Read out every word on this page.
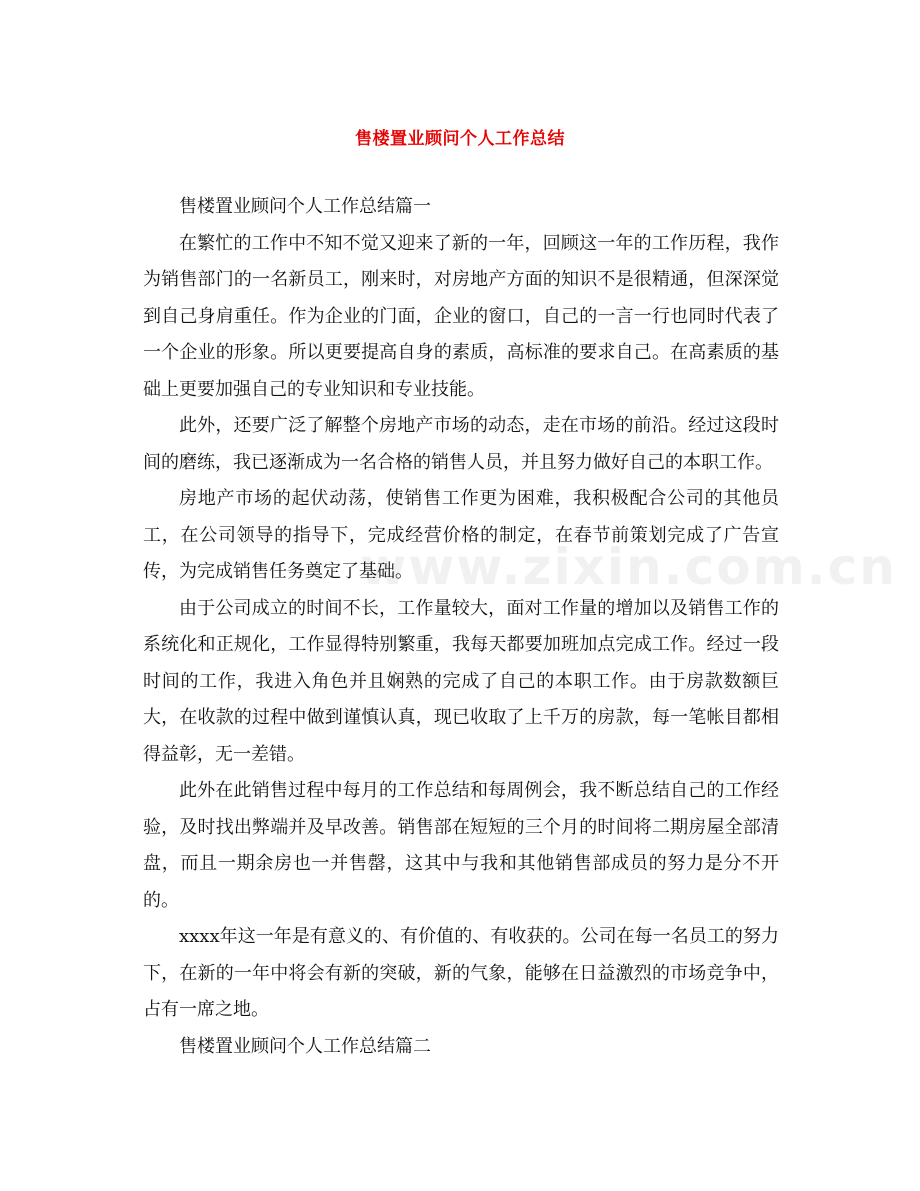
售楼置业顾问个人工作总结
www.zixin.com.cn

售楼置业顾问个人工作总结篇一

在繁忙的工作中不知不觉又迎来了新的一年，回顾这一年的工作历程，我作为销售部门的一名新员工，刚来时，对房地产方面的知识不是很精通，但深深觉到自己身肩重任。作为企业的门面，企业的窗口，自己的一言一行也同时代表了一个企业的形象。所以更要提高自身的素质，高标准的要求自己。在高素质的基础上更要加强自己的专业知识和专业技能。

此外，还要广泛了解整个房地产市场的动态，走在市场的前沿。经过这段时间的磨练，我已逐渐成为一名合格的销售人员，并且努力做好自己的本职工作。

房地产市场的起伏动荡，使销售工作更为困难，我积极配合公司的其他员工，在公司领导的指导下，完成经营价格的制定，在春节前策划完成了广告宣传，为完成销售任务奠定了基础。

由于公司成立的时间不长，工作量较大，面对工作量的增加以及销售工作的系统化和正规化，工作显得特别繁重，我每天都要加班加点完成工作。经过一段时间的工作，我进入角色并且娴熟的完成了自己的本职工作。由于房款数额巨大，在收款的过程中做到谨慎认真，现已收取了上千万的房款，每一笔帐目都相得益彰，无一差错。

此外在此销售过程中每月的工作总结和每周例会，我不断总结自己的工作经验，及时找出弊端并及早改善。销售部在短短的三个月的时间将二期房屋全部清盘，而且一期余房也一并售罄，这其中与我和其他销售部成员的努力是分不开的。

xxxx年这一年是有意义的、有价值的、有收获的。公司在每一名员工的努力下，在新的一年中将会有新的突破，新的气象，能够在日益激烈的市场竞争中，占有一席之地。

售楼置业顾问个人工作总结篇二
